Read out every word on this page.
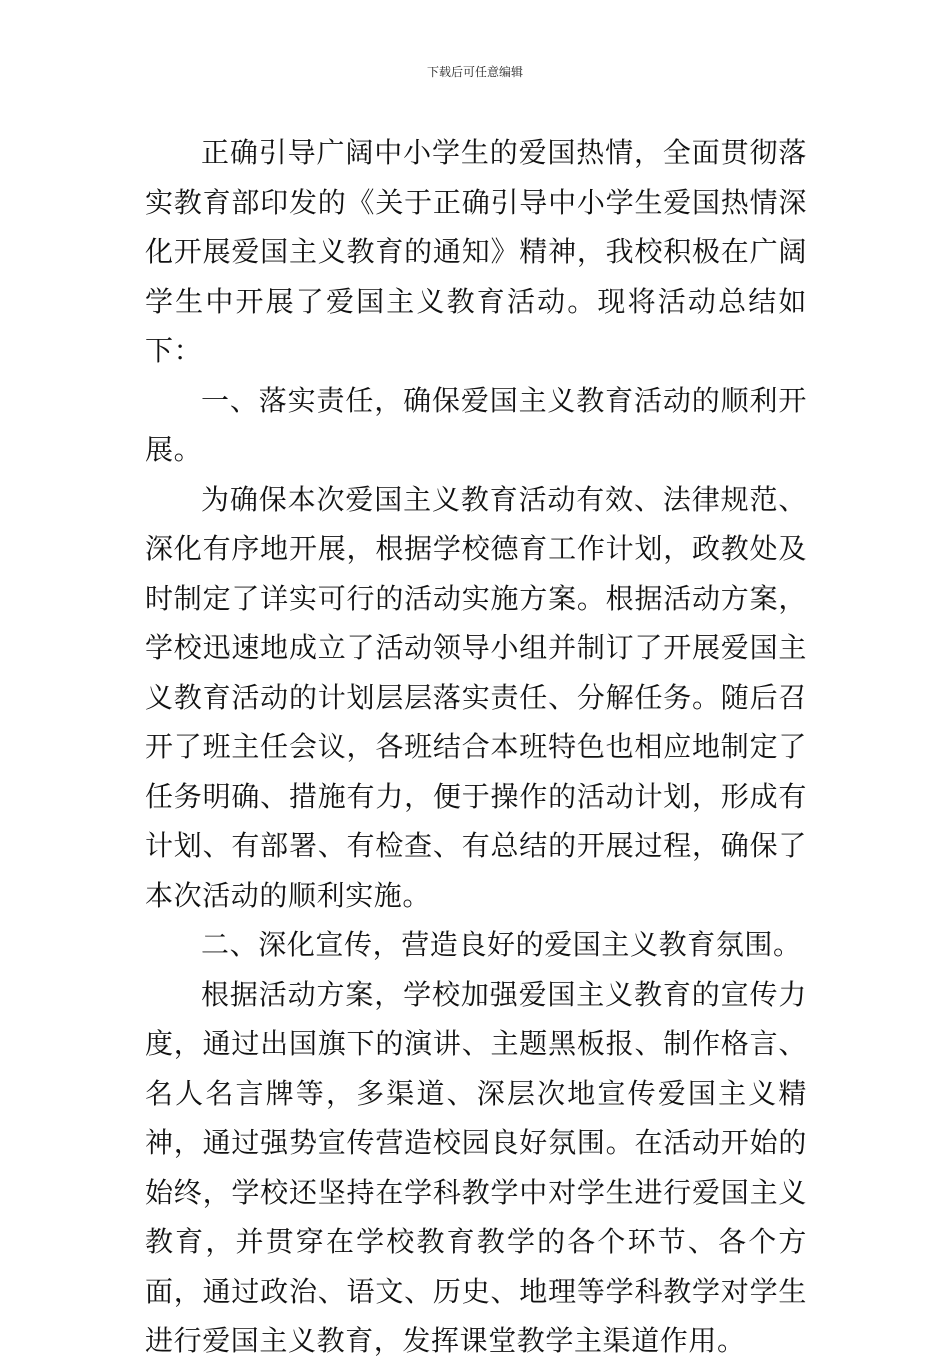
下载后可任意编辑

正确引导广阔中小学生的爱国热情，全面贯彻落实教育部印发的《关于正确引导中小学生爱国热情深化开展爱国主义教育的通知》精神，我校积极在广阔学生中开展了爱国主义教育活动。现将活动总结如下：

一、落实责任，确保爱国主义教育活动的顺利开展。

为确保本次爱国主义教育活动有效、法律规范、深化有序地开展，根据学校德育工作计划，政教处及时制定了详实可行的活动实施方案。根据活动方案，学校迅速地成立了活动领导小组并制订了开展爱国主义教育活动的计划层层落实责任、分解任务。随后召开了班主任会议，各班结合本班特色也相应地制定了任务明确、措施有力，便于操作的活动计划，形成有计划、有部署、有检查、有总结的开展过程，确保了本次活动的顺利实施。

二、深化宣传，营造良好的爱国主义教育氛围。

根据活动方案，学校加强爱国主义教育的宣传力度，通过出国旗下的演讲、主题黑板报、制作格言、名人名言牌等，多渠道、深层次地宣传爱国主义精神，通过强势宣传营造校园良好氛围。在活动开始的始终，学校还坚持在学科教学中对学生进行爱国主义教育，并贯穿在学校教育教学的各个环节、各个方面，通过政治、语文、历史、地理等学科教学对学生进行爱国主义教育，发挥课堂教学主渠道作用。
